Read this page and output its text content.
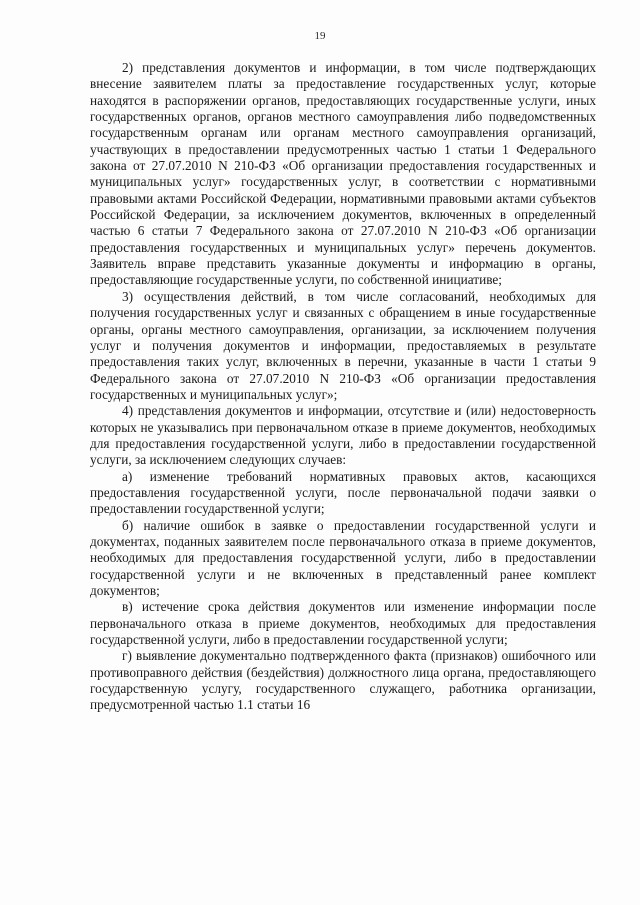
19

2) представления документов и информации, в том числе подтверждающих внесение заявителем платы за предоставление государственных услуг, которые находятся в распоряжении органов, предоставляющих государственные услуги, иных государственных органов, органов местного самоуправления либо подведомственных государственным органам или органам местного самоуправления организаций, участвующих в предоставлении предусмотренных частью 1 статьи 1 Федерального закона от 27.07.2010 N 210-ФЗ «Об организации предоставления государственных и муниципальных услуг» государственных услуг, в соответствии с нормативными правовыми актами Российской Федерации, нормативными правовыми актами субъектов Российской Федерации, за исключением документов, включенных в определенный частью 6 статьи 7 Федерального закона от 27.07.2010 N 210-ФЗ «Об организации предоставления государственных и муниципальных услуг» перечень документов. Заявитель вправе представить указанные документы и информацию в органы, предоставляющие государственные услуги, по собственной инициативе;

3) осуществления действий, в том числе согласований, необходимых для получения государственных услуг и связанных с обращением в иные государственные органы, органы местного самоуправления, организации, за исключением получения услуг и получения документов и информации, предоставляемых в результате предоставления таких услуг, включенных в перечни, указанные в части 1 статьи 9 Федерального закона от 27.07.2010 N 210-ФЗ «Об организации предоставления государственных и муниципальных услуг»;

4) представления документов и информации, отсутствие и (или) недостоверность которых не указывались при первоначальном отказе в приеме документов, необходимых для предоставления государственной услуги, либо в предоставлении государственной услуги, за исключением следующих случаев:

а) изменение требований нормативных правовых актов, касающихся предоставления государственной услуги, после первоначальной подачи заявки о предоставлении государственной услуги;

б) наличие ошибок в заявке о предоставлении государственной услуги и документах, поданных заявителем после первоначального отказа в приеме документов, необходимых для предоставления государственной услуги, либо в предоставлении государственной услуги и не включенных в представленный ранее комплект документов;

в) истечение срока действия документов или изменение информации после первоначального отказа в приеме документов, необходимых для предоставления государственной услуги, либо в предоставлении государственной услуги;

г) выявление документально подтвержденного факта (признаков) ошибочного или противоправного действия (бездействия) должностного лица органа, предоставляющего государственную услугу, государственного служащего, работника организации, предусмотренной частью 1.1 статьи 16
